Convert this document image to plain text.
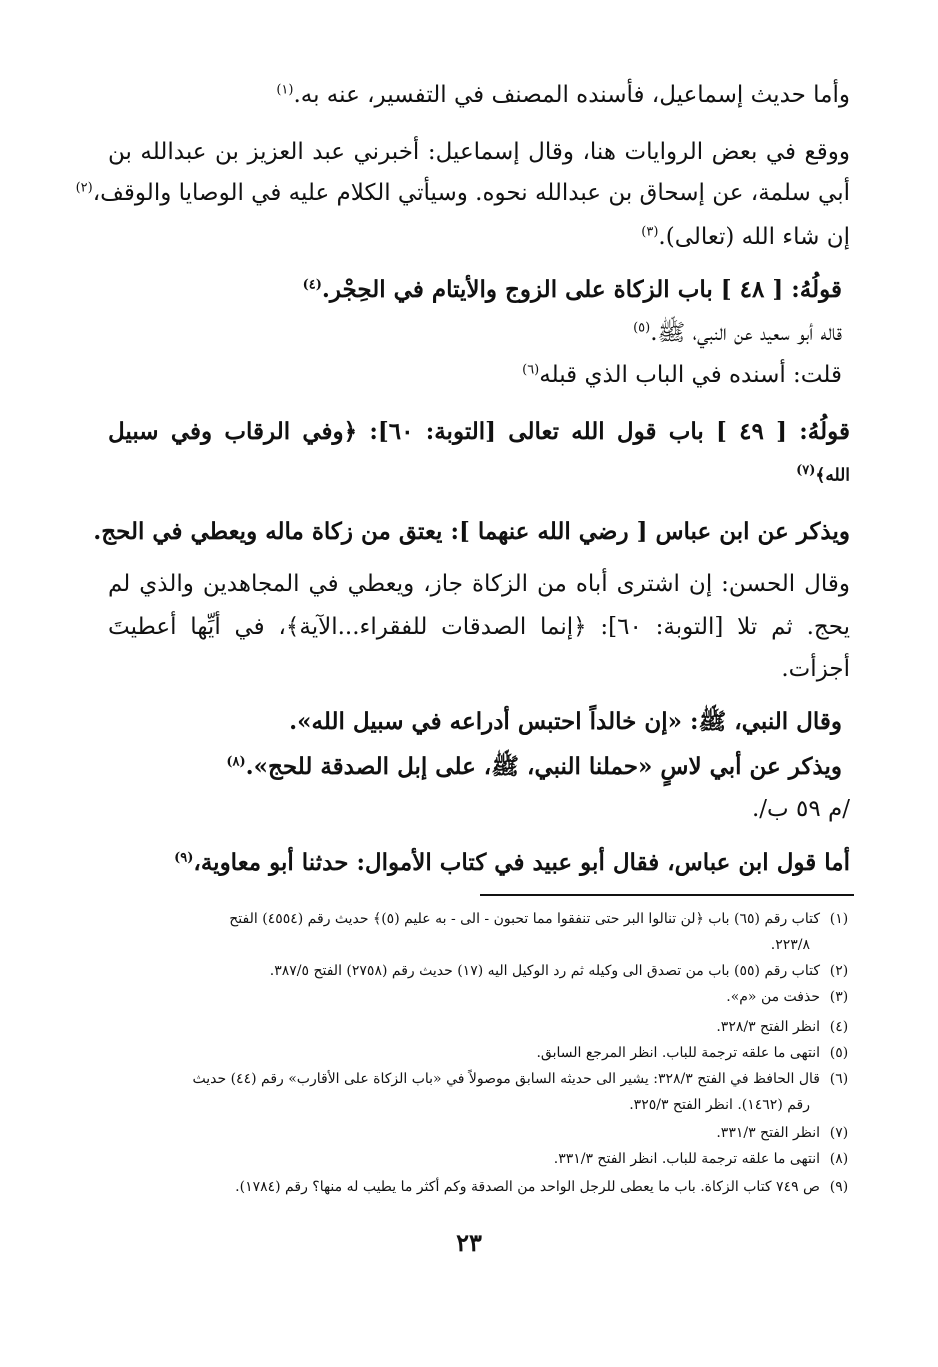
وأما حديث إسماعيل، فأسنده المصنف في التفسير، عنه به.$^{(١)}$
ووقع في بعض الروايات هنا، وقال إسماعيل: أخبرني عبد العزيز بن عبدالله بن
أبي سلمة، عن إسحاق بن عبدالله نحوه. وسيأتي الكلام عليه في الوصايا والوقف،$^{(٢)}$
إن شاء الله (تعالى).$^{(٣)}$
قولُهُ: [ ٤٨ ] باب الزكاة على الزوج والأيتام في الحِجْر.$^{(٤)}$
قاله أبو سعيد عن النبي، ﷺ.$^{(٥)}$
قلت: أسنده في الباب الذي قبله$^{(٦)}$
قولُهُ: [ ٤٩ ] باب قول الله تعالى [التوبة: ٦٠]: ﴿وفي الرقاب وفي سبيل
الله﴾$^{(٧)}$
ويذكر عن ابن عباس [ رضي الله عنهما ]: يعتق من زكاة ماله ويعطي في الحج.
وقال الحسن: إن اشترى أباه من الزكاة جاز، ويعطي في المجاهدين والذي لم
يحج. ثم تلا [التوبة: ٦٠]: ﴿إنما الصدقات للفقراء...الآية﴾، في أيِّها أعطيتَ
أجزأت.
وقال النبي، ﷺ: «إن خالداً احتبس أدراعه في سبيل الله».
ويذكر عن أبي لاسٍ «حملنا النبي، ﷺ، على إبل الصدقة للحج».$^{(٨)}$
/م ٥٩ ب/.
أما قول ابن عباس، فقال أبو عبيد في كتاب الأموال: حدثنا أبو معاوية،$^{(٩)}$
(١)كتاب رقم (٦٥) باب ﴿لن تنالوا البر حتى تنفقوا مما تحبون - الى - به عليم (٥)﴾ حديث رقم (٤٥٥٤) الفتح
٢٢٣/٨.
(٢)كتاب رقم (٥٥) باب من تصدق الى وكيله ثم رد الوكيل اليه (١٧) حديث رقم (٢٧٥٨) الفتح ٣٨٧/٥.
(٣)حذفت من «م».
(٤)انظر الفتح ٣٢٨/٣.
(٥)انتهى ما علقه ترجمة للباب. انظر المرجع السابق.
(٦)قال الحافظ في الفتح ٣٢٨/٣: يشير الى حديثه السابق موصولاً في «باب الزكاة على الأقارب» رقم (٤٤) حديث
رقم (١٤٦٢). انظر الفتح ٣٢٥/٣.
(٧)انظر الفتح ٣٣١/٣.
(٨)انتهى ما علقه ترجمة للباب. انظر الفتح ٣٣١/٣.
(٩)ص ٧٤٩ كتاب الزكاة. باب ما يعطى للرجل الواحد من الصدقة وكم أكثر ما يطيب له منها؟ رقم (١٧٨٤).
٢٣
